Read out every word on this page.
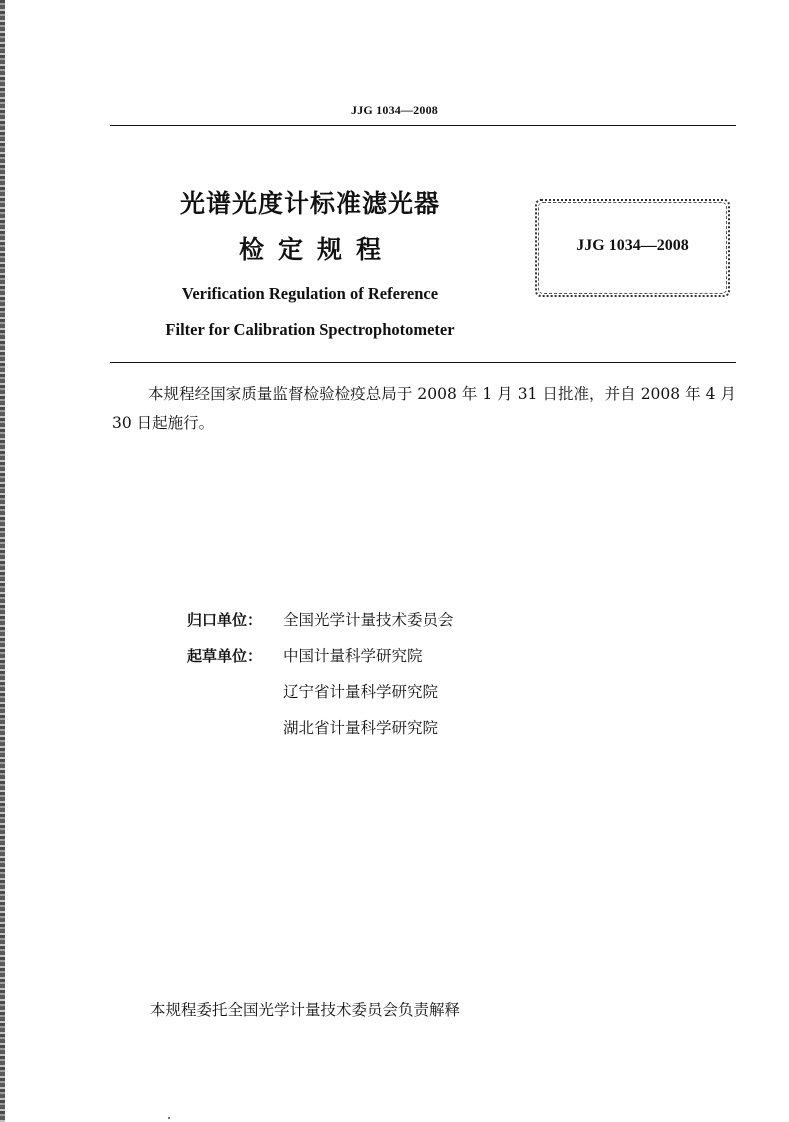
JJG 1034—2008
光谱光度计标准滤光器
检定规程
Verification Regulation of Reference
Filter for Calibration Spectrophotometer
JJG 1034—2008
本规程经国家质量监督检验检疫总局于 2008 年 1 月 31 日批准，并自 2008 年 4 月 30 日起施行。
归口单位：	全国光学计量技术委员会
起草单位：	中国计量科学研究院
辽宁省计量科学研究院
湖北省计量科学研究院
本规程委托全国光学计量技术委员会负责解释
